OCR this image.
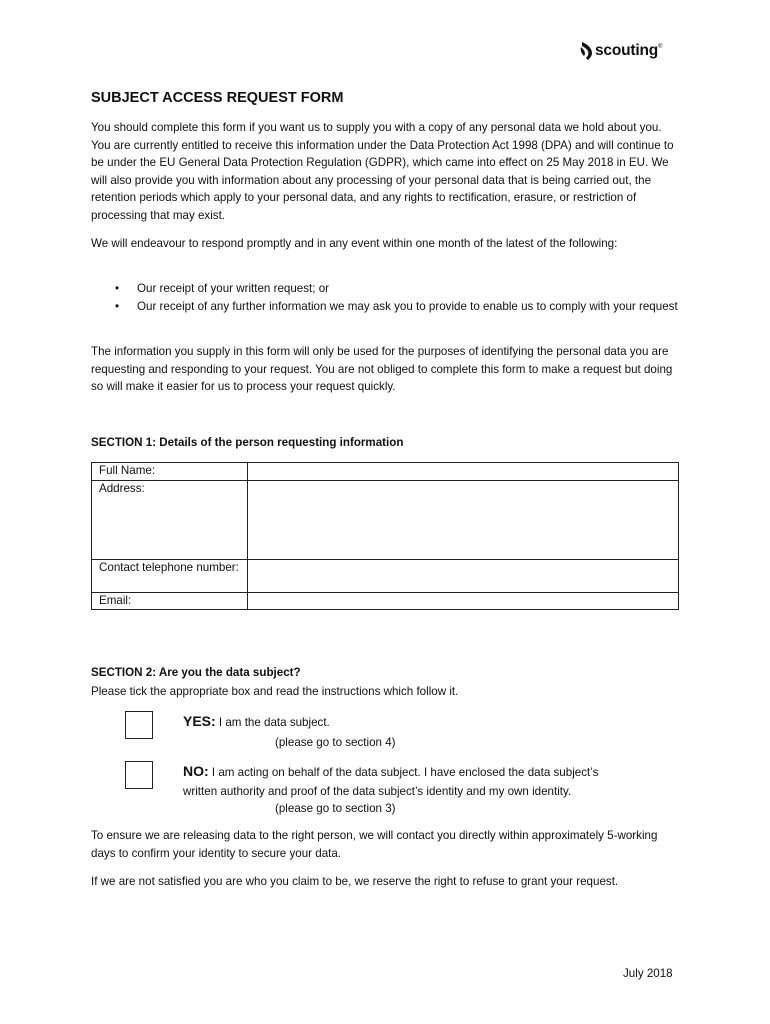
scouting ®
SUBJECT ACCESS REQUEST FORM
You should complete this form if you want us to supply you with a copy of any personal data we hold about you. You are currently entitled to receive this information under the Data Protection Act 1998 (DPA) and will continue to be under the EU General Data Protection Regulation (GDPR), which came into effect on 25 May 2018 in EU. We will also provide you with information about any processing of your personal data that is being carried out, the retention periods which apply to your personal data, and any rights to rectification, erasure, or restriction of processing that may exist.
We will endeavour to respond promptly and in any event within one month of the latest of the following:
• Our receipt of your written request; or
• Our receipt of any further information we may ask you to provide to enable us to comply with your request
The information you supply in this form will only be used for the purposes of identifying the personal data you are requesting and responding to your request. You are not obliged to complete this form to make a request but doing so will make it easier for us to process your request quickly.
SECTION 1: Details of the person requesting information
Full Name:	
Address:	
Contact telephone number:	
Email:	
SECTION 2: Are you the data subject?
Please tick the appropriate box and read the instructions which follow it.
YES: I am the data subject.
(please go to section 4)
NO: I am acting on behalf of the data subject. I have enclosed the data subject’s
written authority and proof of the data subject’s identity and my own identity.
(please go to section 3)
To ensure we are releasing data to the right person, we will contact you directly within approximately 5-working days to confirm your identity to secure your data.
If we are not satisfied you are who you claim to be, we reserve the right to refuse to grant your request.
July 2018
